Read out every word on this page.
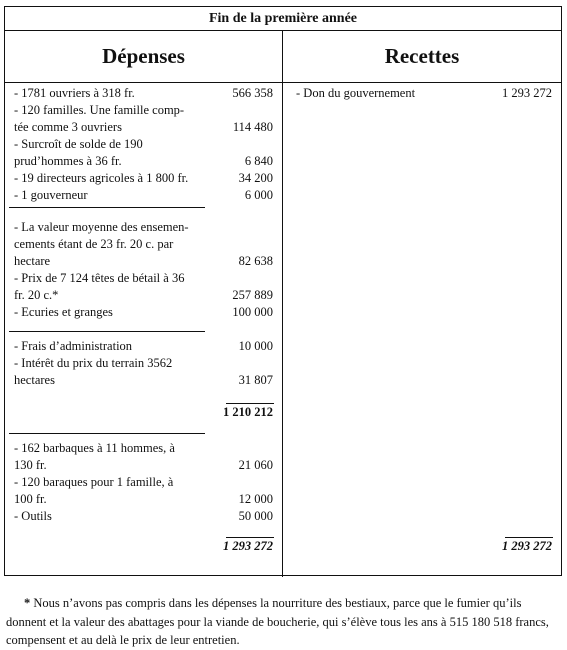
Fin de la première année
Dépenses	Recettes
- 1781 ouvriers à 318 fr.	566 358
- 120 familles. Une famille comp-
tée comme 3 ouvriers	114 480
- Surcroît de solde de 190
prud’hommes à 36 fr.	6 840
- 19 directeurs agricoles à 1 800 fr.	34 200
- 1 gouverneur	6 000
- La valeur moyenne des ensemen-
cements étant de 23 fr. 20 c. par
hectare	82 638
- Prix de 7 124 têtes de bétail à 36
fr. 20 c.*	257 889
- Ecuries et granges	100 000
- Frais d’administration	10 000
- Intérêt du prix du terrain 3562
hectares	31 807
1 210 212
- 162 barbaques à 11 hommes, à
130 fr.	21 060
- 120 baraques pour 1 famille, à
100 fr.	12 000
- Outils	50 000
1 293 272
- Don du gouvernement	1 293 272
1 293 272
* Nous n’avons pas compris dans les dépenses la nourriture des bestiaux, parce que le fumier qu’ils donnent et la valeur des abattages pour la viande de boucherie, qui s’élève tous les ans à 515 180 518 francs, compensent et au delà le prix de leur entretien.
